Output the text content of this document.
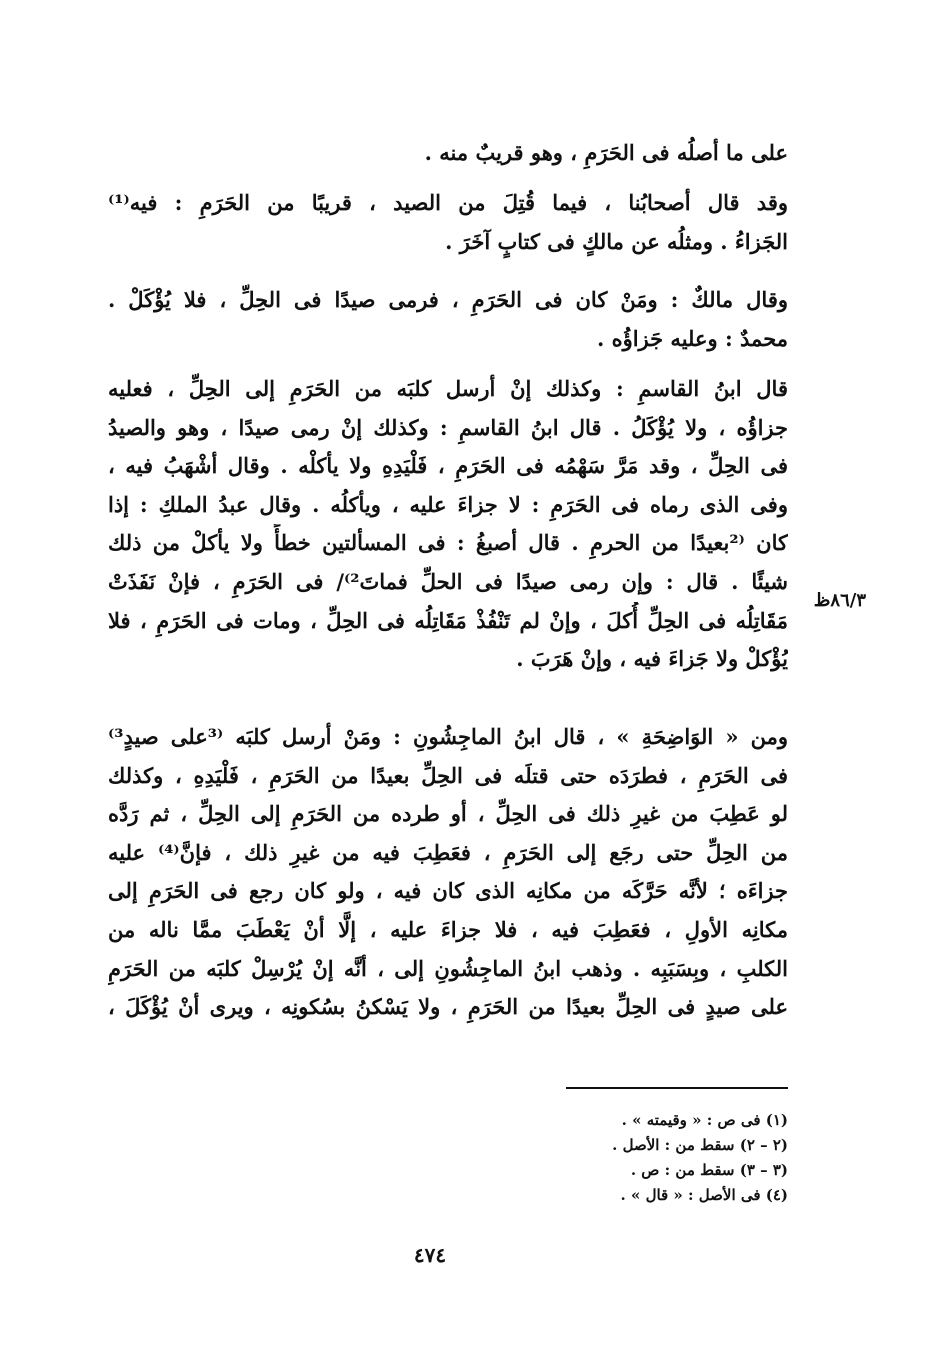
على ما أصلُه فى الحَرَمِ ، وهو قريبٌ منه .
وقد قال أصحابُنا ، فيما قُتِلَ من الصيد ، قريبًا من الحَرَمِ : فيه⁽¹⁾
الجَزاءُ . ومثلُه عن مالكٍ فى كتابٍ آخَرَ .
وقال مالكٌ : ومَنْ كان فى الحَرَمِ ، فرمى صيدًا فى الحِلِّ ، فلا يُؤْكَلْ .
محمدٌ : وعليه جَزاؤُه .
قال ابنُ القاسمِ : وكذلك إنْ أرسل كلبَه من الحَرَمِ إلى الحِلِّ ، فعليه
جزاؤُه ، ولا يُؤْكَلُ . قال ابنُ القاسمِ : وكذلك إنْ رمى صيدًا ، وهو والصيدُ
فى الحِلِّ ، وقد مَرَّ سَهْمُه فى الحَرَمِ ، فَلْيَدِهِ ولا يأكلْه . وقال أشْهَبُ فيه ،
وفى الذى رماه فى الحَرَمِ : لا جزاءَ عليه ، ويأكلُه . وقال عبدُ الملكِ : إذا
كان ⁽²بعيدًا من الحرمِ . قال أصبغُ : فى المسألتين خطأً ولا يأكلْ من ذلك
شيئًا . قال : وإن رمى صيدًا فى الحلِّ فماتَ²⁾/ فى الحَرَمِ ، فإنْ نَفَذَتْ
مَقَاتِلُه فى الحِلِّ أُكلَ ، وإنْ لم تَنْفُذْ مَقَاتِلُه فى الحِلِّ ، ومات فى الحَرَمِ ، فلا
يُؤْكلْ ولا جَزاءَ فيه ، وإنْ هَرَبَ .
ومن « الوَاضِحَةِ » ، قال ابنُ الماجِشُونِ : ومَنْ أرسل كلبَه ⁽³على صيدٍ³⁾
فى الحَرَمِ ، فطرَدَه حتى قتلَه فى الحِلِّ بعيدًا من الحَرَمِ ، فَلْيَدِهِ ، وكذلك
لو عَطِبَ من غيرِ ذلك فى الحِلِّ ، أو طرده من الحَرَمِ إلى الحِلِّ ، ثم رَدَّه
من الحِلِّ حتى رجَع إلى الحَرَمِ ، فعَطِبَ فيه من غيرِ ذلك ، فإنَّ⁽⁴⁾ عليه
جزاءَه ؛ لأنَّه حَرَّكَه من مكانِه الذى كان فيه ، ولو كان رجع فى الحَرَمِ إلى
مكانِه الأولِ ، فعَطِبَ فيه ، فلا جزاءَ عليه ، إلَّا أنْ يَعْطَبَ ممَّا ناله من
الكلبِ ، وبِسَبَبِه . وذهب ابنُ الماجِشُونِ إلى ، أنَّه إنْ يُرْسِلْ كلبَه من الحَرَمِ
على صيدٍ فى الحِلِّ بعيدًا من الحَرَمِ ، ولا يَسْكنُ بسُكونِه ، ويرى أنْ يُؤْكَلَ ،
٨٦/٣ظ
(١) فى ص : « وقيمته » .
(٢ – ٢) سقط من : الأصل .
(٣ – ٣) سقط من : ص .
(٤) فى الأصل : « قال » .
٤٧٤
